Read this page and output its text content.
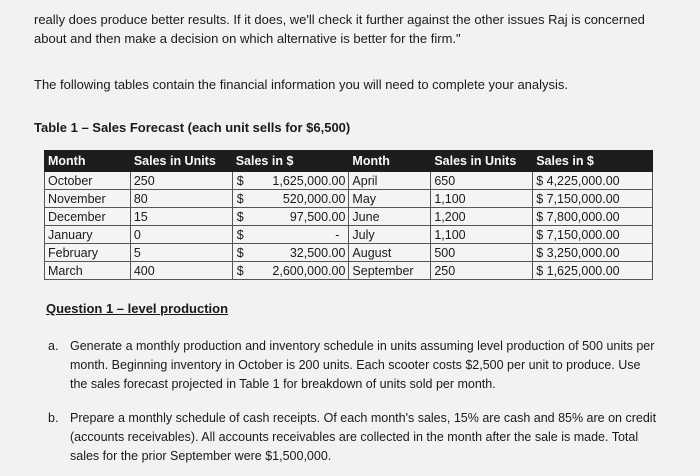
really does produce better results. If it does, we'll check it further against the other issues Raj is concerned about and then make a decision on which alternative is better for the firm."
The following tables contain the financial information you will need to complete your analysis.
Table 1 – Sales Forecast (each unit sells for $6,500)
Month	Sales in Units	Sales in $	Month	Sales in Units	Sales in $
October	250	$ 1,625,000.00	April	650	$ 4,225,000.00
November	80	$ 520,000.00	May	1,100	$ 7,150,000.00
December	15	$ 97,500.00	June	1,200	$ 7,800,000.00
January	0	$ -	July	1,100	$ 7,150,000.00
February	5	$ 32,500.00	August	500	$ 3,250,000.00
March	400	$ 2,600,000.00	September	250	$ 1,625,000.00
Question 1 – level production
a. Generate a monthly production and inventory schedule in units assuming level production of 500 units per month. Beginning inventory in October is 200 units. Each scooter costs $2,500 per unit to produce. Use the sales forecast projected in Table 1 for breakdown of units sold per month.
b. Prepare a monthly schedule of cash receipts. Of each month's sales, 15% are cash and 85% are on credit (accounts receivables). All accounts receivables are collected in the month after the sale is made. Total sales for the prior September were $1,500,000.
